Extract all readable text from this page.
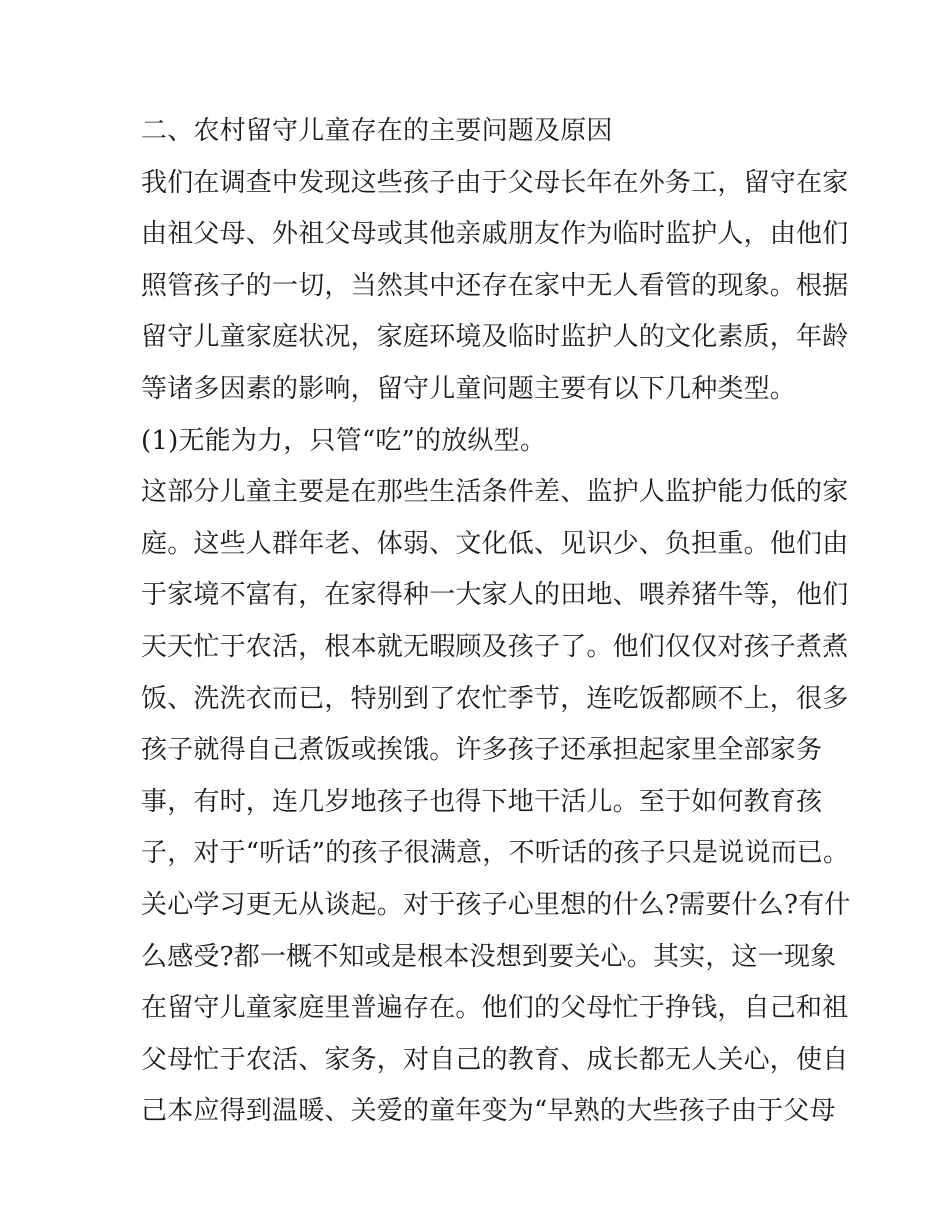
二、农村留守儿童存在的主要问题及原因
我们在调查中发现这些孩子由于父母长年在外务工，留守在家
由祖父母、外祖父母或其他亲戚朋友作为临时监护人，由他们
照管孩子的一切，当然其中还存在家中无人看管的现象。根据
留守儿童家庭状况，家庭环境及临时监护人的文化素质，年龄
等诸多因素的影响，留守儿童问题主要有以下几种类型。
(1)无能为力，只管“吃”的放纵型。
这部分儿童主要是在那些生活条件差、监护人监护能力低的家
庭。这些人群年老、体弱、文化低、见识少、负担重。他们由
于家境不富有，在家得种一大家人的田地、喂养猪牛等，他们
天天忙于农活，根本就无暇顾及孩子了。他们仅仅对孩子煮煮
饭、洗洗衣而已，特别到了农忙季节，连吃饭都顾不上，很多
孩子就得自己煮饭或挨饿。许多孩子还承担起家里全部家务
事，有时，连几岁地孩子也得下地干活儿。至于如何教育孩
子，对于“听话”的孩子很满意，不听话的孩子只是说说而已。
关心学习更无从谈起。对于孩子心里想的什么?需要什么?有什
么感受?都一概不知或是根本没想到要关心。其实，这一现象
在留守儿童家庭里普遍存在。他们的父母忙于挣钱，自己和祖
父母忙于农活、家务，对自己的教育、成长都无人关心，使自
己本应得到温暖、关爱的童年变为“早熟的大些孩子由于父母
